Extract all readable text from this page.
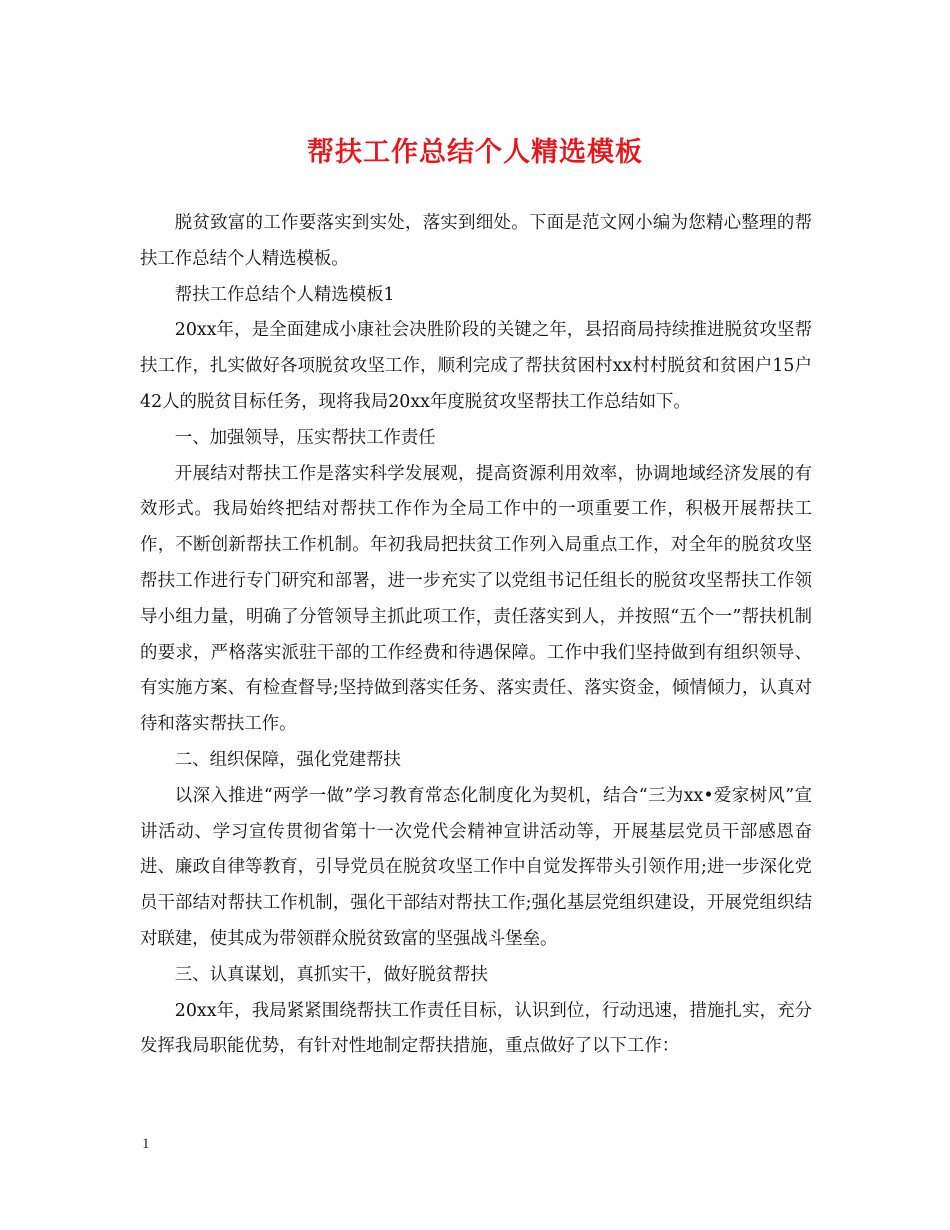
帮扶工作总结个人精选模板

脱贫致富的工作要落实到实处，落实到细处。下面是范文网小编为您精心整理的帮扶工作总结个人精选模板。

帮扶工作总结个人精选模板1

20xx年，是全面建成小康社会决胜阶段的关键之年，县招商局持续推进脱贫攻坚帮扶工作，扎实做好各项脱贫攻坚工作，顺利完成了帮扶贫困村xx村村脱贫和贫困户15户42人的脱贫目标任务，现将我局20xx年度脱贫攻坚帮扶工作总结如下。

一、加强领导，压实帮扶工作责任

开展结对帮扶工作是落实科学发展观，提高资源利用效率，协调地域经济发展的有效形式。我局始终把结对帮扶工作作为全局工作中的一项重要工作，积极开展帮扶工作，不断创新帮扶工作机制。年初我局把扶贫工作列入局重点工作，对全年的脱贫攻坚帮扶工作进行专门研究和部署，进一步充实了以党组书记任组长的脱贫攻坚帮扶工作领导小组力量，明确了分管领导主抓此项工作，责任落实到人，并按照“五个一”帮扶机制的要求，严格落实派驻干部的工作经费和待遇保障。工作中我们坚持做到有组织领导、有实施方案、有检查督导;坚持做到落实任务、落实责任、落实资金，倾情倾力，认真对待和落实帮扶工作。

二、组织保障，强化党建帮扶

以深入推进“两学一做”学习教育常态化制度化为契机，结合“三为xx•爱家树风”宣讲活动、学习宣传贯彻省第十一次党代会精神宣讲活动等，开展基层党员干部感恩奋进、廉政自律等教育，引导党员在脱贫攻坚工作中自觉发挥带头引领作用;进一步深化党员干部结对帮扶工作机制，强化干部结对帮扶工作;强化基层党组织建设，开展党组织结对联建，使其成为带领群众脱贫致富的坚强战斗堡垒。

三、认真谋划，真抓实干，做好脱贫帮扶

20xx年，我局紧紧围绕帮扶工作责任目标，认识到位，行动迅速，措施扎实，充分发挥我局职能优势，有针对性地制定帮扶措施，重点做好了以下工作：

1
